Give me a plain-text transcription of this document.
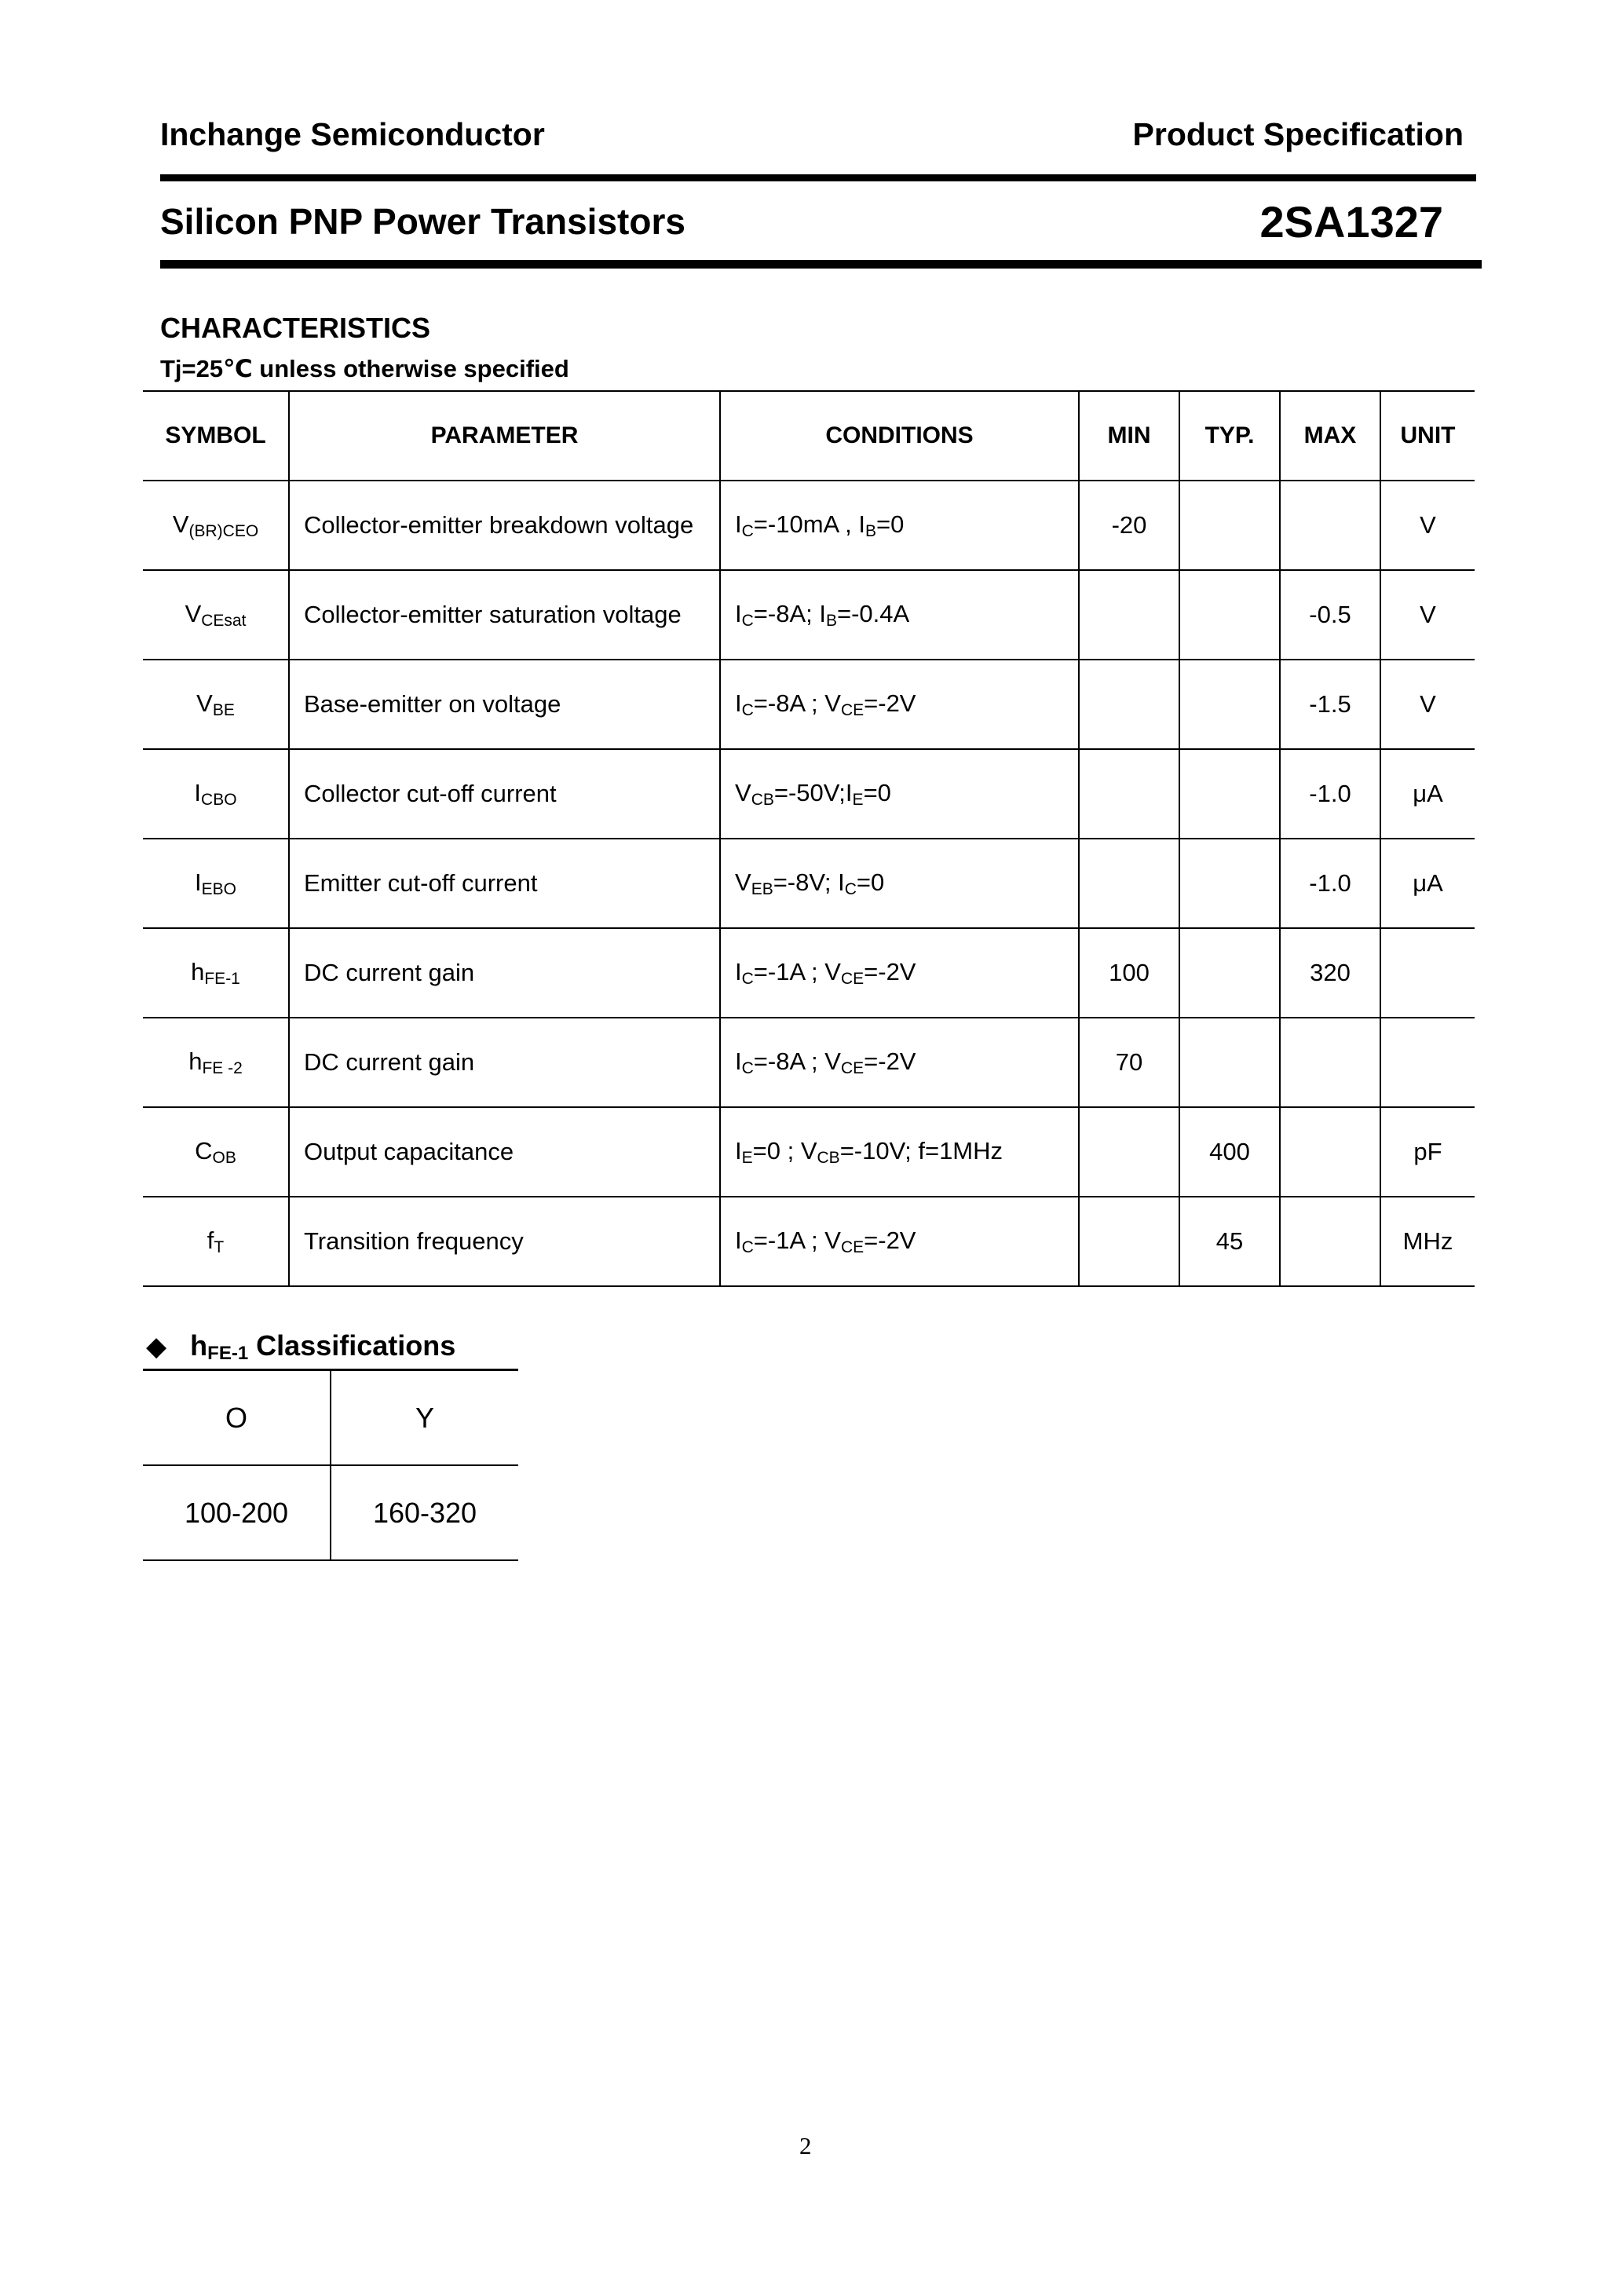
Inchange Semiconductor	Product Specification
Silicon PNP Power Transistors	2SA1327
CHARACTERISTICS
Tj=25℃ unless otherwise specified
SYMBOL	PARAMETER	CONDITIONS	MIN	TYP.	MAX	UNIT
$V_{(BR)CEO}$	Collector-emitter breakdown voltage	$I_C=-10mA$ , $I_B=0$	-20			V
$V_{CEsat}$	Collector-emitter saturation voltage	$I_C=-8A$; $I_B=-0.4A$			-0.5	V
$V_{BE}$	Base-emitter on voltage	$I_C=-8A$ ; $V_{CE}=-2V$			-1.5	V
$I_{CBO}$	Collector cut-off current	$V_{CB}=-50V;I_E=0$			-1.0	μA
$I_{EBO}$	Emitter cut-off current	$V_{EB}=-8V$; $I_C=0$			-1.0	μA
$h_{FE-1}$	DC current gain	$I_C=-1A$ ; $V_{CE}=-2V$	100		320	
$h_{FE -2}$	DC current gain	$I_C=-8A$ ; $V_{CE}=-2V$	70			
$C_{OB}$	Output capacitance	$I_E=0$ ; $V_{CB}=-10V$; f=1MHz		400		pF
$f_T$	Transition frequency	$I_C=-1A$ ; $V_{CE}=-2V$		45		MHz
◆ $h_{FE-1}$ Classifications
O	Y
100-200	160-320
2
